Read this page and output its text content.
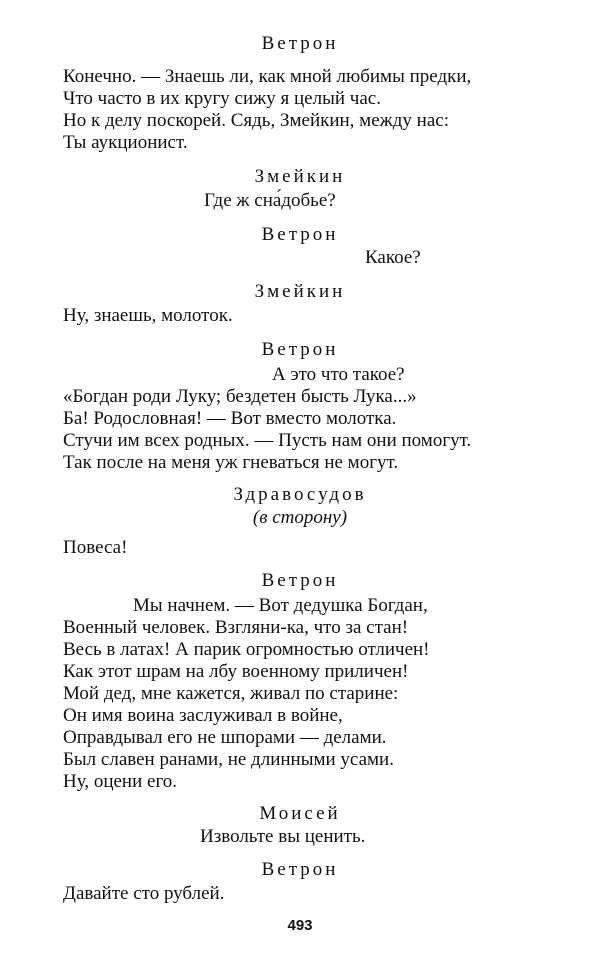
Ветрон
Конечно. — Знаешь ли, как мной любимы предки,
Что часто в их кругу сижу я целый час.
Но к делу поскорей. Сядь, Змейкин, между нас:
Ты аукционист.
Змейкин
Где ж сна́добье?
Ветрон
Какое?
Змейкин
Ну, знаешь, молоток.
Ветрон
А это что такое?
«Богдан роди Луку; бездетен бысть Лука...»
Ба! Родословная! — Вот вместо молотка.
Стучи им всех родных. — Пусть нам они помогут.
Так после на меня уж гневаться не могут.
Здравосудов
(в сторону)
Повеса!
Ветрон
Мы начнем. — Вот дедушка Богдан,
Военный человек. Взгляни-ка, что за стан!
Весь в латах! А парик огромностью отличен!
Как этот шрам на лбу военному приличен!
Мой дед, мне кажется, живал по старине:
Он имя воина заслуживал в войне,
Оправдывал его не шпорами — делами.
Был славен ранами, не длинными усами.
Ну, оцени его.
Моисей
Извольте вы ценить.
Ветрон
Давайте сто рублей.
493
